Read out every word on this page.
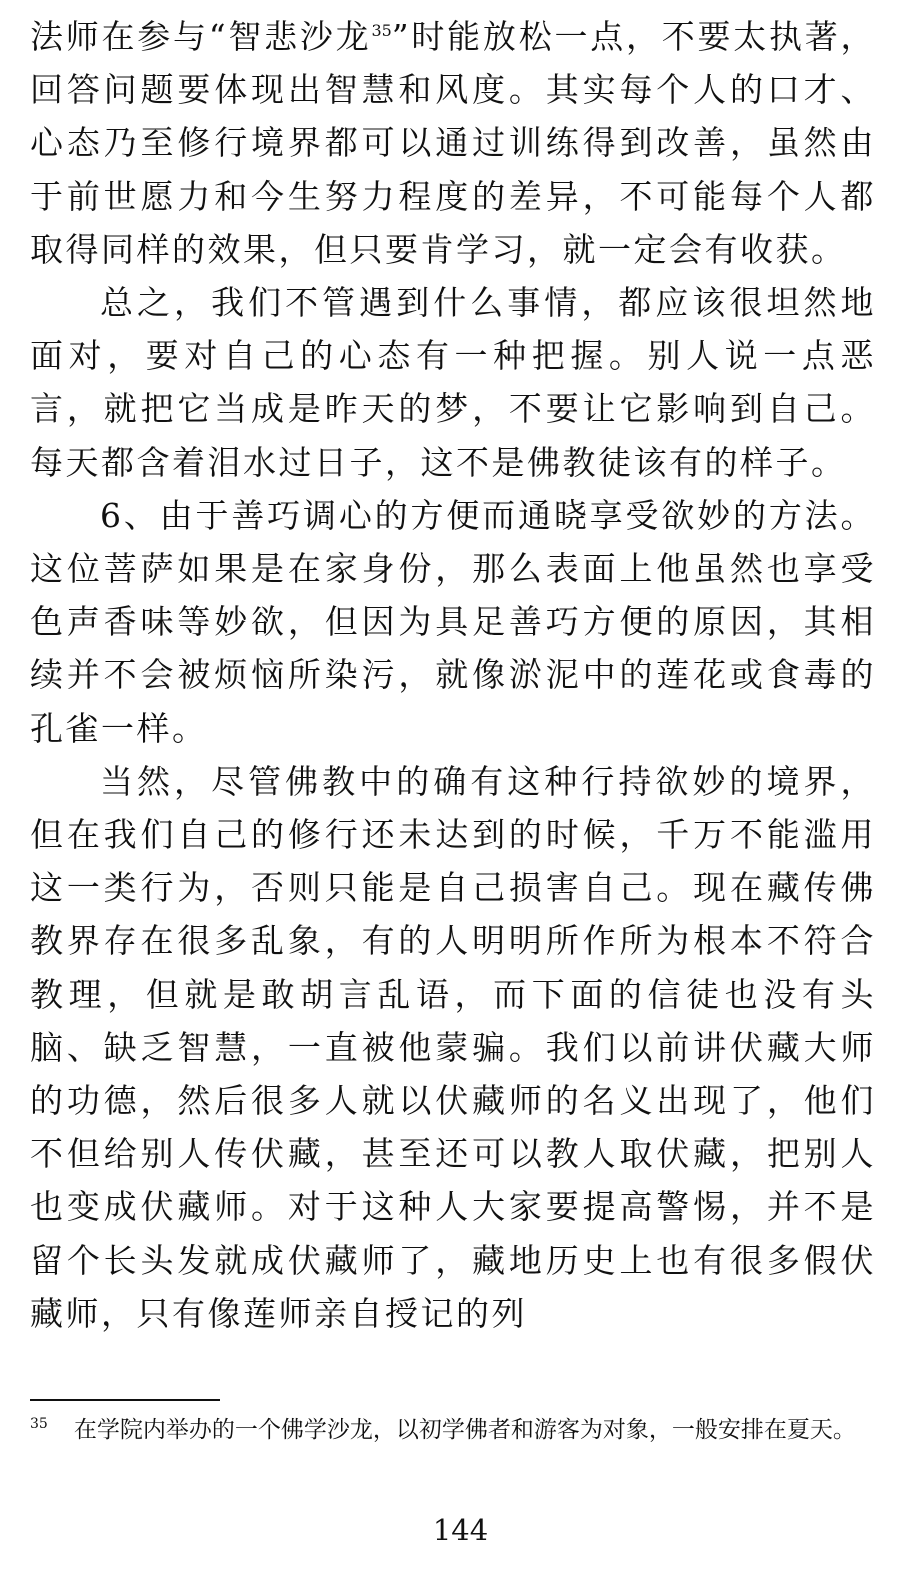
法师在参与“智悲沙龙$^{35}$”时能放松一点，不要太执著，回答问题要体现出智慧和风度。其实每个人的口才、心态乃至修行境界都可以通过训练得到改善，虽然由于前世愿力和今生努力程度的差异，不可能每个人都取得同样的效果，但只要肯学习，就一定会有收获。

总之，我们不管遇到什么事情，都应该很坦然地面对，要对自己的心态有一种把握。别人说一点恶言，就把它当成是昨天的梦，不要让它影响到自己。每天都含着泪水过日子，这不是佛教徒该有的样子。

6、由于善巧调心的方便而通晓享受欲妙的方法。这位菩萨如果是在家身份，那么表面上他虽然也享受色声香味等妙欲，但因为具足善巧方便的原因，其相续并不会被烦恼所染污，就像淤泥中的莲花或食毒的孔雀一样。

当然，尽管佛教中的确有这种行持欲妙的境界，但在我们自己的修行还未达到的时候，千万不能滥用这一类行为，否则只能是自己损害自己。现在藏传佛教界存在很多乱象，有的人明明所作所为根本不符合教理，但就是敢胡言乱语，而下面的信徒也没有头脑、缺乏智慧，一直被他蒙骗。我们以前讲伏藏大师的功德，然后很多人就以伏藏师的名义出现了，他们不但给别人传伏藏，甚至还可以教人取伏藏，把别人也变成伏藏师。对于这种人大家要提高警惕，并不是留个长头发就成伏藏师了，藏地历史上也有很多假伏藏师，只有像莲师亲自授记的列

$^{35}$ 在学院内举办的一个佛学沙龙，以初学佛者和游客为对象，一般安排在夏天。
144
